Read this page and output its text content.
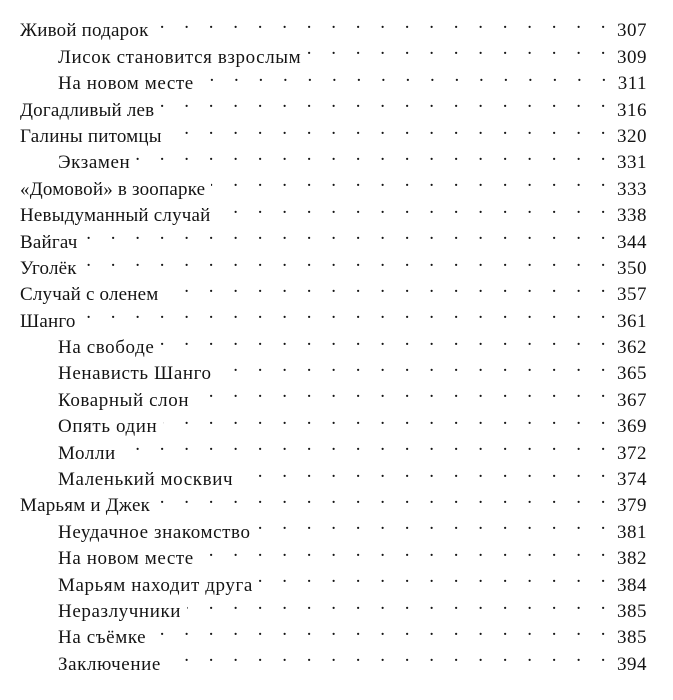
Живой подарок . . .	307
Лисок становится взрослым . . .	309
На новом месте . . .	311
Догадливый лев . . .	316
Галины питомцы . . .	320
Экзамен . . .	331
«Домовой» в зоопарке . . .	333
Невыдуманный случай . . .	338
Вайгач . . .	344
Уголёк . . .	350
Случай с оленем . . .	357
Шанго . . .	361
На свободе . . .	362
Ненависть Шанго . . .	365
Коварный слон . . .	367
Опять один . . .	369
Молли . . .	372
Маленький москвич . . .	374
Марьям и Джек . . .	379
Неудачное знакомство . . .	381
На новом месте . . .	382
Марьям находит друга . . .	384
Неразлучники . . .	385
На съёмке . . .	385
Заключение . . .	394
